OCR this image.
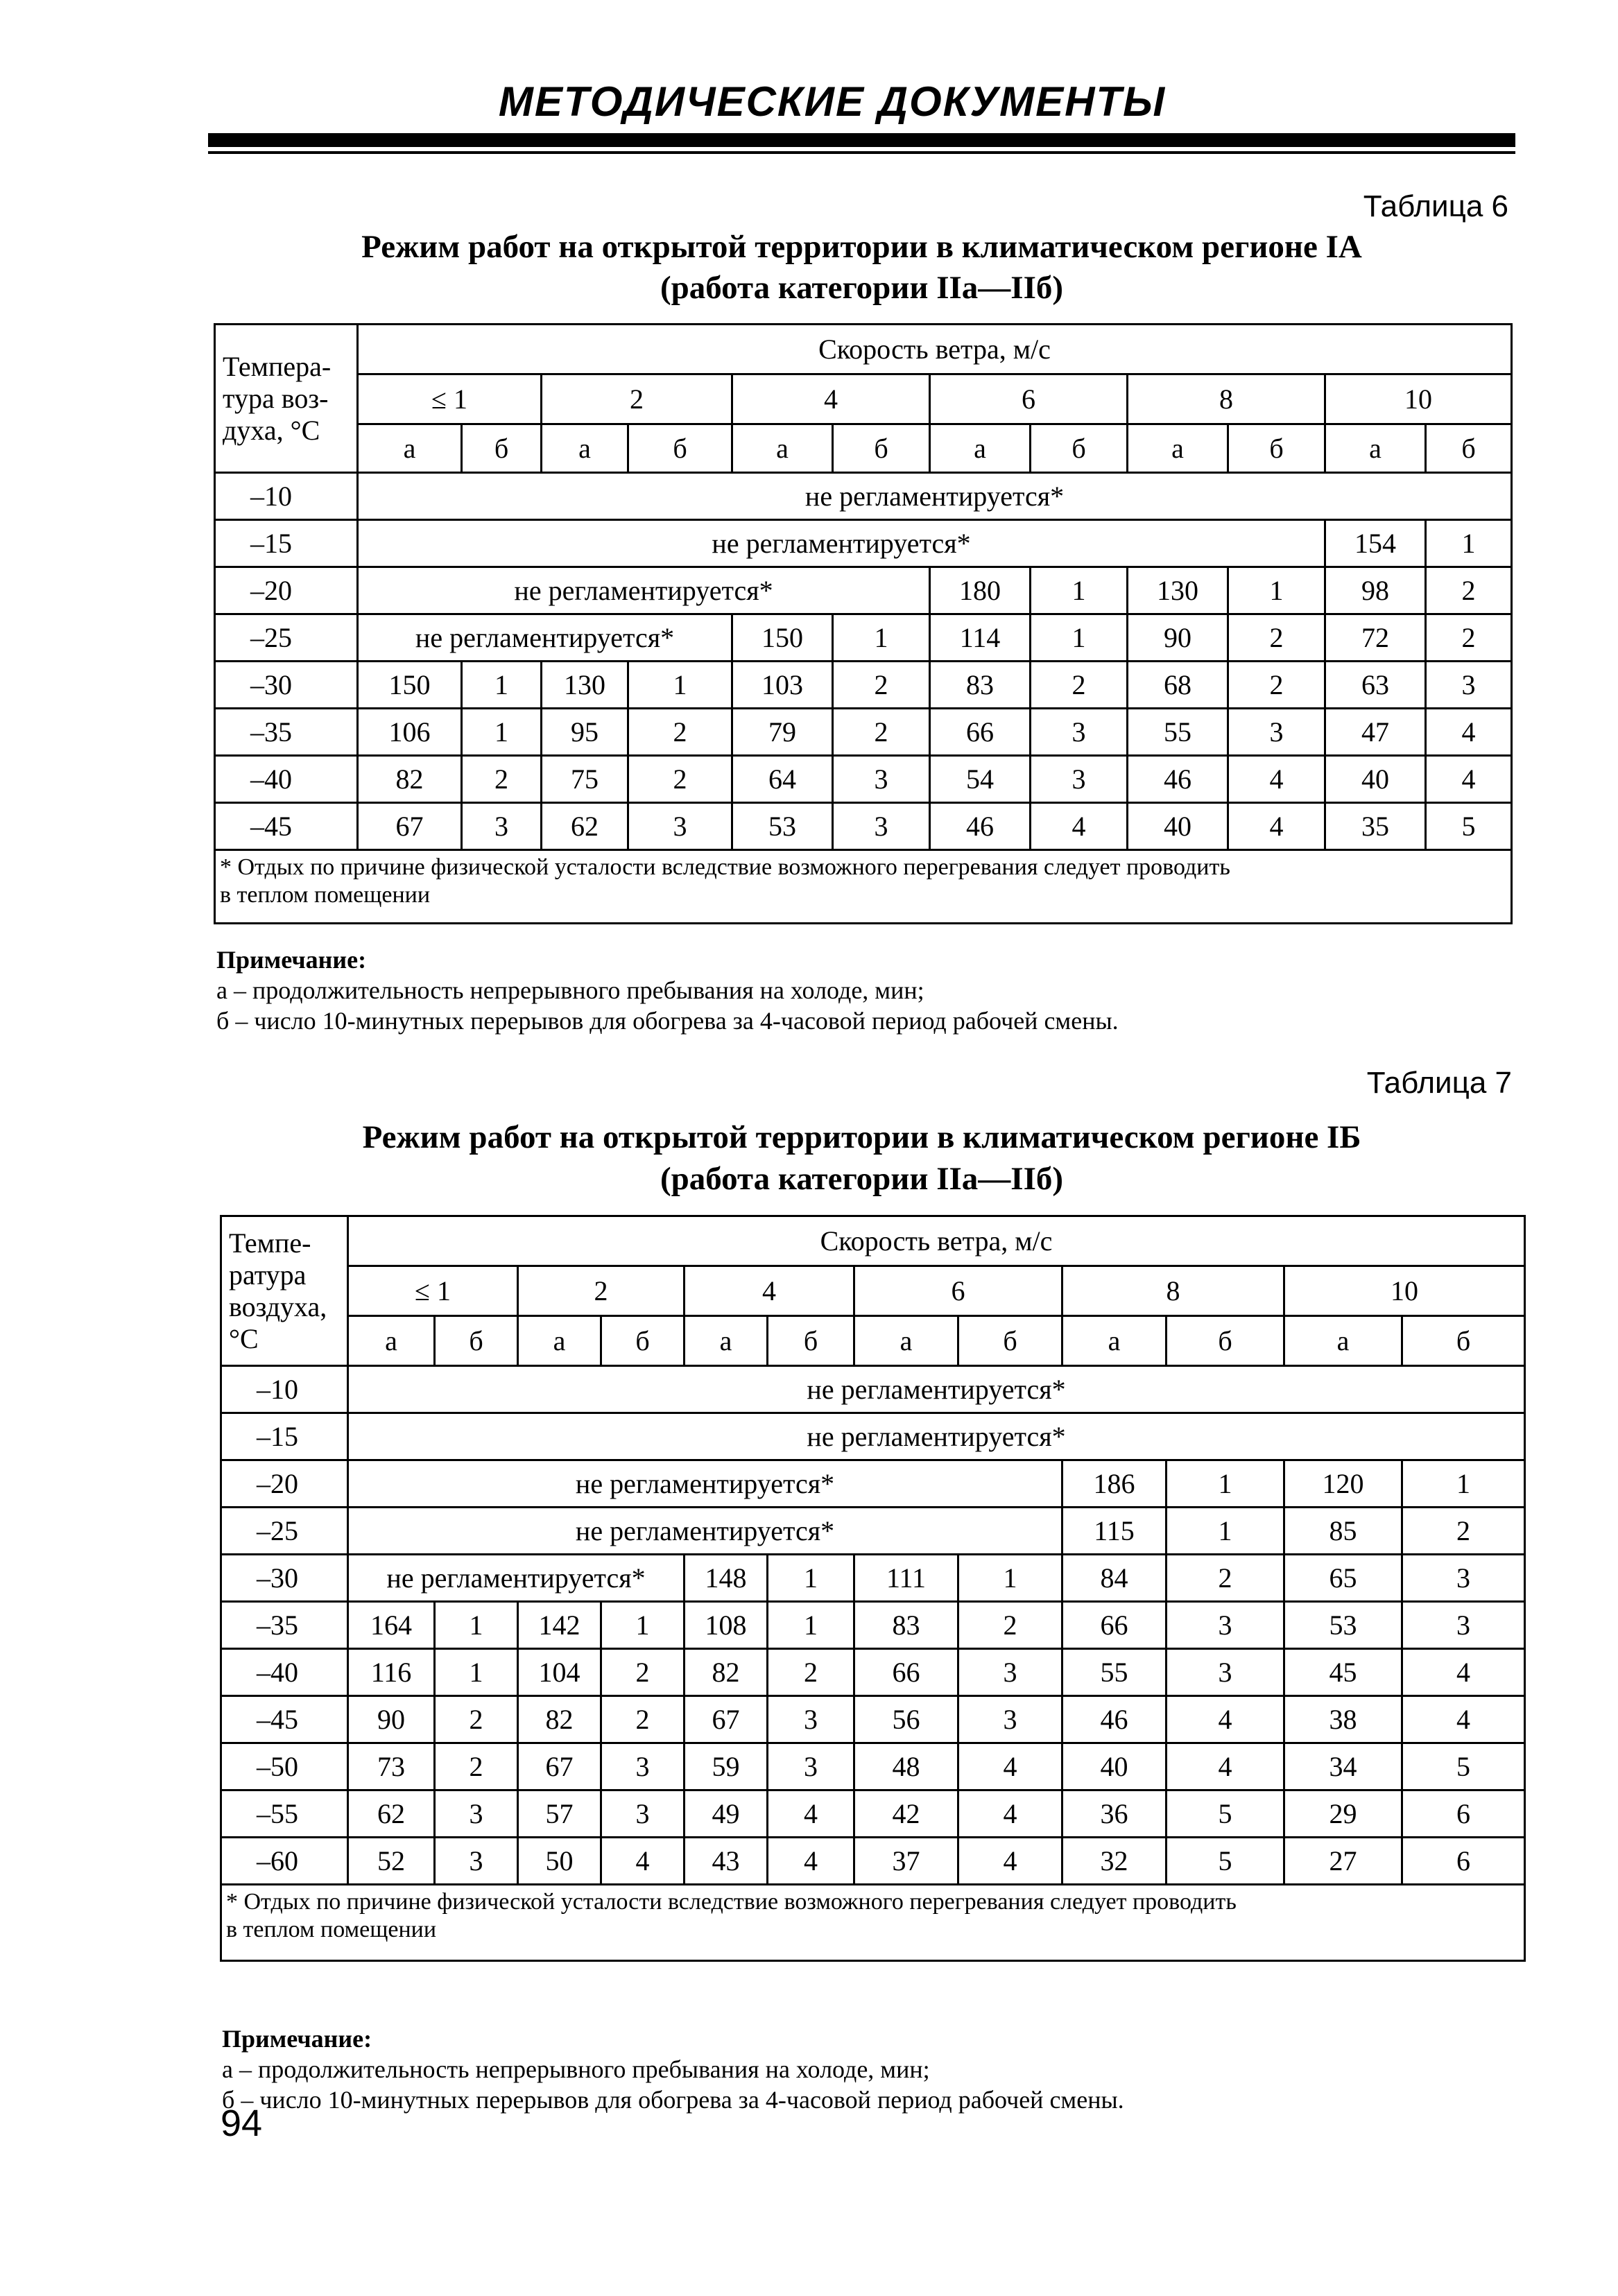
МЕТОДИЧЕСКИЕ ДОКУМЕНТЫ
Таблица 6
Режим работ на открытой территории в климатическом регионе IA
(работа категории IIa—IIб)
Темпера-тура воз-духа, °С	Скорость ветра, м/с											
	≤ 1		2		4		6		8		10	
	а	б	а	б	а	б	а	б	а	б	а	б
–10	не регламентируется*											
–15	не регламентируется*										154	1
–20	не регламентируется*						180	1	130	1	98	2
–25	не регламентируется*				150	1	114	1	90	2	72	2
–30	150	1	130	1	103	2	83	2	68	2	63	3
–35	106	1	95	2	79	2	66	3	55	3	47	4
–40	82	2	75	2	64	3	54	3	46	4	40	4
–45	67	3	62	3	53	3	46	4	40	4	35	5

* Отдых по причине физической усталости вследствие возможного перегревания следует проводить
в теплом помещении												
Примечание:
а – продолжительность непрерывного пребывания на холоде, мин;
б – число 10-минутных перерывов для обогрева за 4-часовой период рабочей смены.
Таблица 7
Режим работ на открытой территории в климатическом регионе IБ
(работа категории IIa—IIб)
Темпе-ратура воздуха, °С	Скорость ветра, м/с											
	≤ 1		2		4		6		8		10	
	а	б	а	б	а	б	а	б	а	б	а	б
–10	не регламентируется*											
–15	не регламентируется*											
–20	не регламентируется*								186	1	120	1
–25	не регламентируется*								115	1	85	2
–30	не регламентируется*				148	1	111	1	84	2	65	3
–35	164	1	142	1	108	1	83	2	66	3	53	3
–40	116	1	104	2	82	2	66	3	55	3	45	4
–45	90	2	82	2	67	3	56	3	46	4	38	4
–50	73	2	67	3	59	3	48	4	40	4	34	5
–55	62	3	57	3	49	4	42	4	36	5	29	6
–60	52	3	50	4	43	4	37	4	32	5	27	6

* Отдых по причине физической усталости вследствие возможного перегревания следует проводить
в теплом помещении												
Примечание:
а – продолжительность непрерывного пребывания на холоде, мин;
б – число 10-минутных перерывов для обогрева за 4-часовой период рабочей смены.
94
